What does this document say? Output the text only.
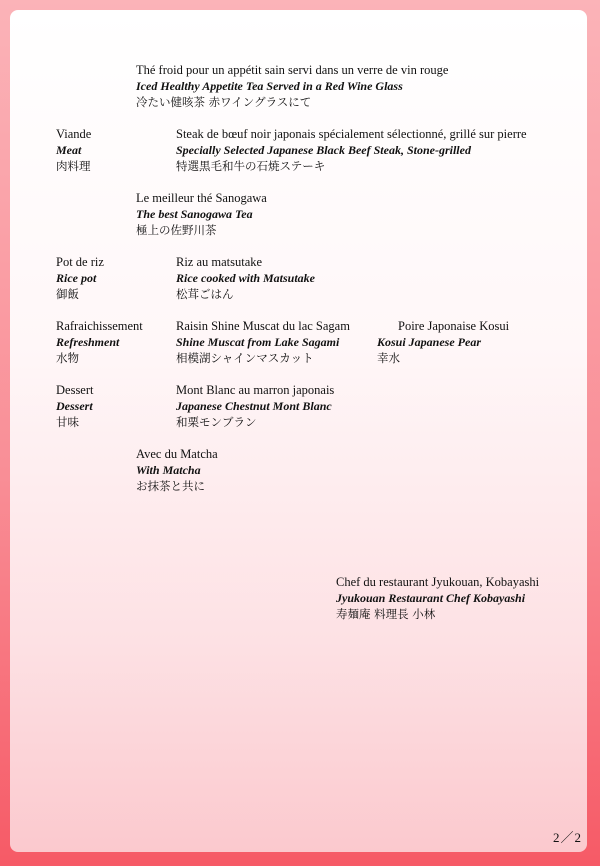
Thé froid pour un appétit sain servi dans un verre de vin rouge
Iced Healthy Appetite Tea Served in a Red Wine Glass
冷たい健咳茶 赤ワイングラスにて
Viande
Meat
肉料理
Steak de bœuf noir japonais spécialement sélectionné, grillé sur pierre
Specially Selected Japanese Black Beef Steak, Stone-grilled
特選黒毛和牛の石焼ステーキ
Le meilleur thé Sanogawa
The best Sanogawa Tea
極上の佐野川茶
Pot de riz
Rice pot
御飯
Riz au matsutake
Rice cooked with Matsutake
松茸ごはん
Rafraichissement
Refreshment
水物
Raisin Shine Muscat du lac Sagam
Shine Muscat from Lake Sagami
相模湖シャインマスカット
Poire Japonaise Kosui
Kosui Japanese Pear
幸水
Dessert
Dessert
甘味
Mont Blanc au marron japonais
Japanese Chestnut Mont Blanc
和栗モンブラン
Avec du Matcha
With Matcha
お抹茶と共に
Chef du restaurant Jyukouan, Kobayashi
Jyukouan Restaurant Chef Kobayashi
寿麺庵 料理長 小林
2／2
